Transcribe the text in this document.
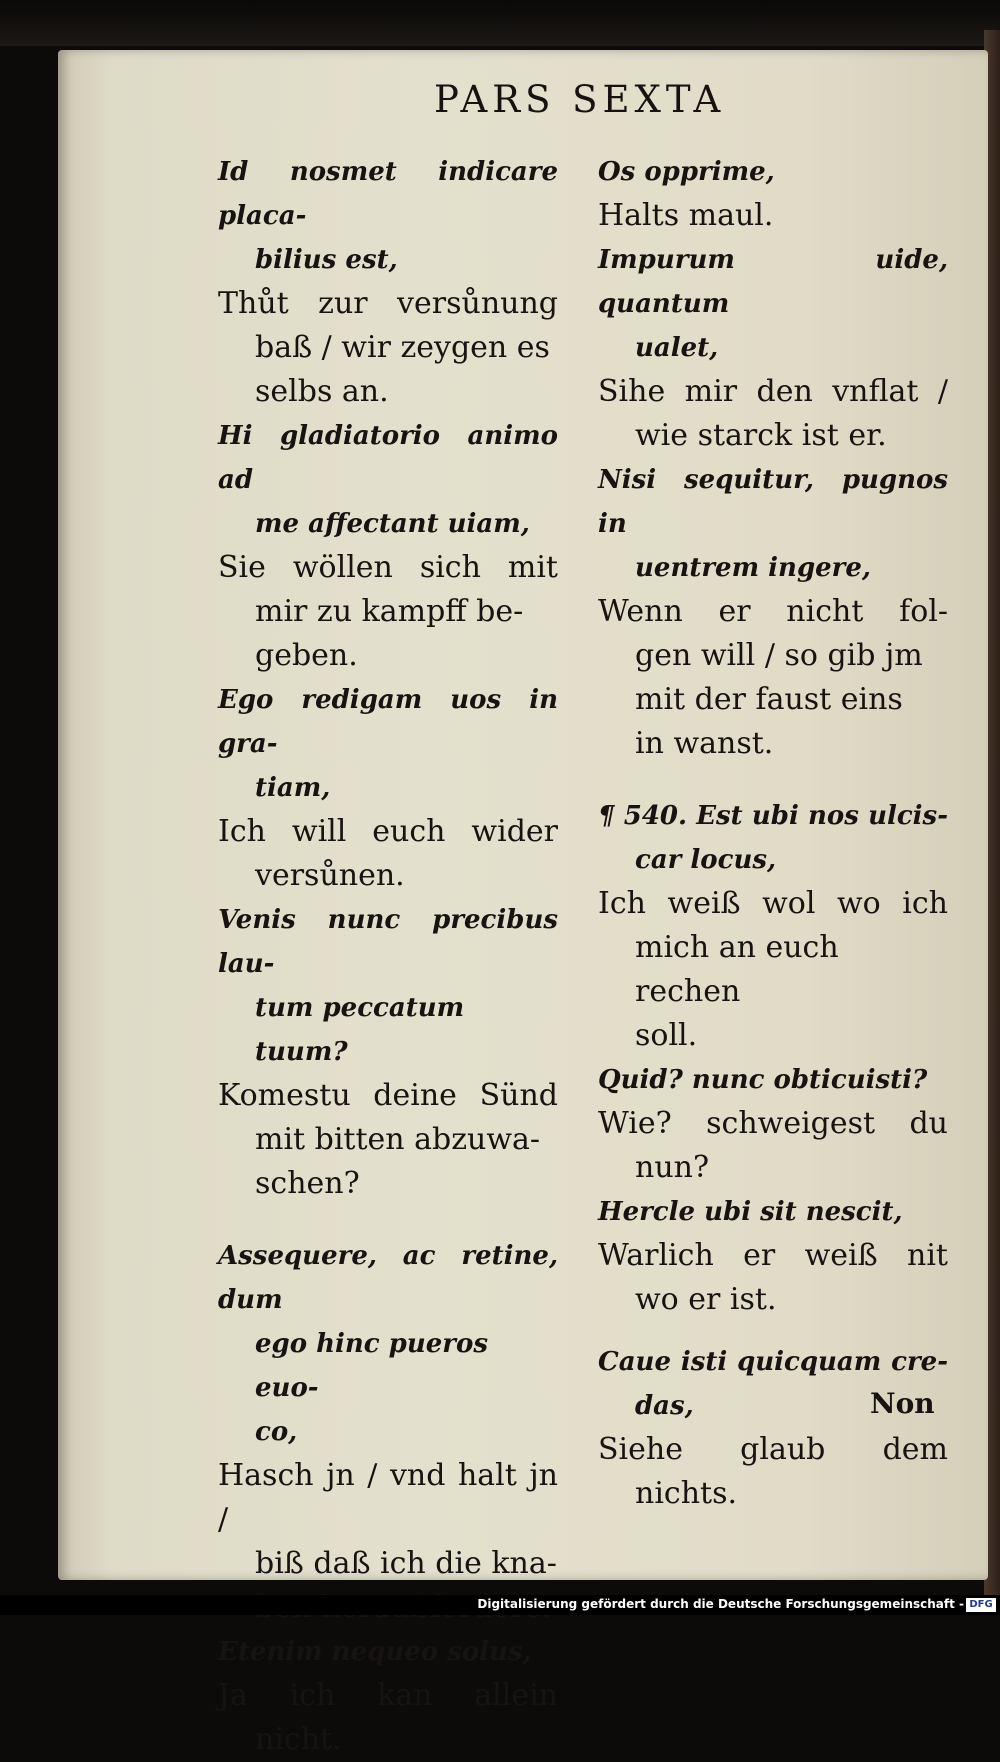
PARS SEXTA
Id nosmet indicare placa-
bilius est,
Thůt zur versůnung
baß / wir zeygen es
selbs an.
Hi gladiatorio animo ad
me affectant uiam,
Sie wöllen sich mit
mir zu kampff be-
geben.
Ego redigam uos in gra-
tiam,
Ich will euch wider
versůnen.
Venis nunc precibus lau-
tum peccatum tuum?
Komestu deine Sünd
mit bitten abzuwa-
schen?
Assequere, ac retine, dum
ego hinc pueros euo-
co,
Hasch jn / vnd halt jn /
biß daß ich die kna-
Etenim nequeo solus,
Ja ich kan allein
nicht.
Os opprime,
Halts maul.
Impurum uide, quantum
ualet,
Sihe mir den vnflat /
wie starck ist er.
Nisi sequitur, pugnos in
uentrem ingere,
Wenn er nicht fol-
gen will / so gib jm
mit der faust eins
in wanst.
¶ 540. Est ubi nos ulcis-
car locus,
Ich weiß wol wo ich
mich an euch rechen
soll.
Quid? nunc obticuisti?
Wie? schweigest du
nun?
Hercle ubi sit nescit,
Warlich er weiß nit
wo er ist.
Caue isti quicquam cre-
das,
Siehe glaub dem
nichts.
Non
Digitalisierung gefördert durch die Deutsche Forschungsgemeinschaft - DFG
